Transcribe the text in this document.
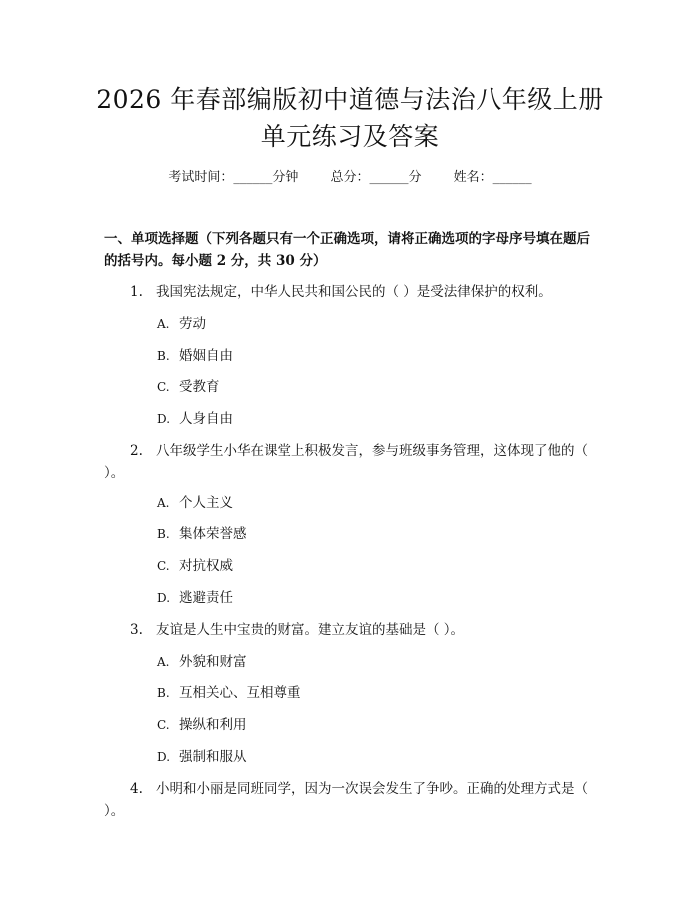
2026 年春部编版初中道德与法治八年级上册
单元练习及答案
考试时间：______分钟 总分：______分 姓名：______
一、单项选择题（下列各题只有一个正确选项，请将正确选项的字母序号填在题后的括号内。每小题 2 分，共 30 分）
1. 我国宪法规定，中华人民共和国公民的（ ）是受法律保护的权利。
A. 劳动
B. 婚姻自由
C. 受教育
D. 人身自由
2. 八年级学生小华在课堂上积极发言，参与班级事务管理，这体现了他的（ ）。
A. 个人主义
B. 集体荣誉感
C. 对抗权威
D. 逃避责任
3. 友谊是人生中宝贵的财富。建立友谊的基础是（ ）。
A. 外貌和财富
B. 互相关心、互相尊重
C. 操纵和利用
D. 强制和服从
4. 小明和小丽是同班同学，因为一次误会发生了争吵。正确的处理方式是（ ）。
